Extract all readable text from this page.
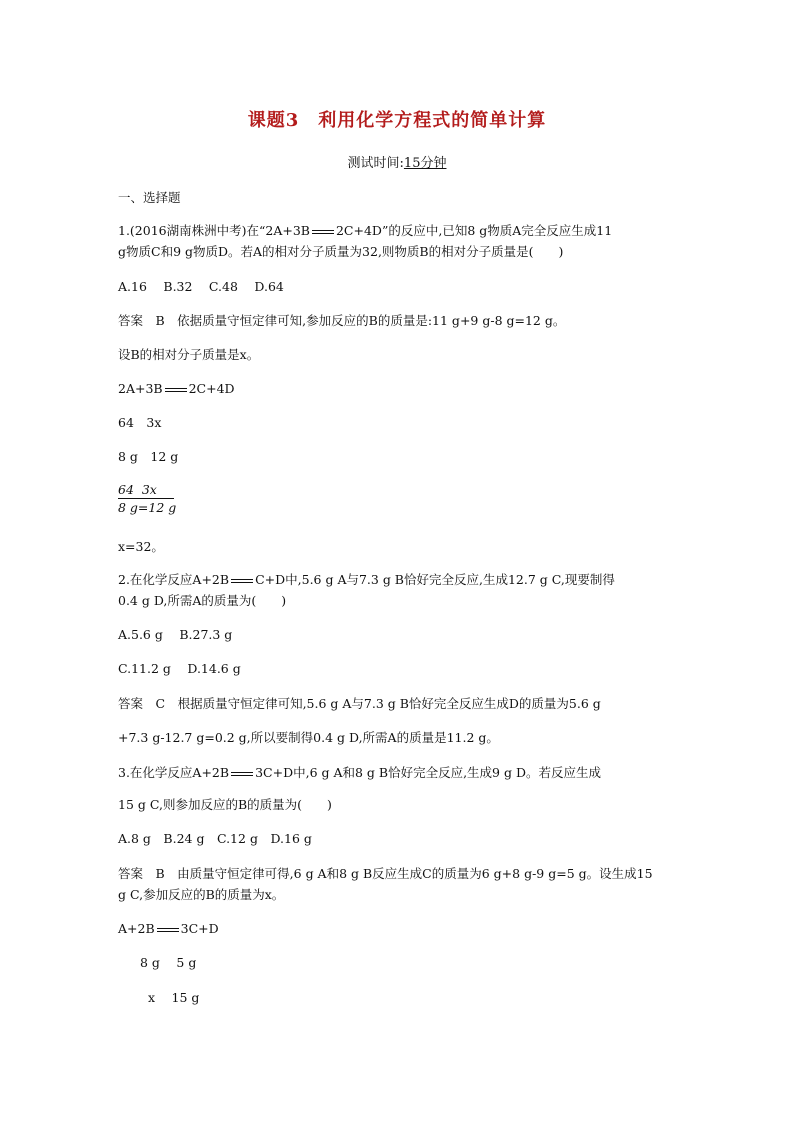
课题3　利用化学方程式的简单计算
测试时间:15分钟
一、选择题
1.(2016湖南株洲中考)在“2A+3B 2C+4D”的反应中,已知8 g物质A完全反应生成11
g物质C和9 g物质D。若A的相对分子质量为32,则物质B的相对分子质量是(　　)
A.16　 B.32　 C.48　 D.64
答案　B　依据质量守恒定律可知,参加反应的B的质量是:11 g+9 g-8 g=12 g。
设B的相对分子质量是x。
2A+3B 2C+4D
64　3x
8 g　12 g
64 3x
8 g=12 g
x=32。
2.在化学反应A+2B C+D中,5.6 g A与7.3 g B恰好完全反应,生成12.7 g C,现要制得
0.4 g D,所需A的质量为(　　)
A.5.6 g　 B.27.3 g
C.11.2 g　 D.14.6 g
答案　C　根据质量守恒定律可知,5.6 g A与7.3 g B恰好完全反应生成D的质量为5.6 g
+7.3 g-12.7 g=0.2 g,所以要制得0.4 g D,所需A的质量是11.2 g。
3.在化学反应A+2B 3C+D中,6 g A和8 g B恰好完全反应,生成9 g D。若反应生成
15 g C,则参加反应的B的质量为(　　)
A.8 g　B.24 g　C.12 g　D.16 g
答案　B　由质量守恒定律可得,6 g A和8 g B反应生成C的质量为6 g+8 g-9 g=5 g。设生成15
g C,参加反应的B的质量为x。
A+2B 3C+D
8 g　 5 g
x　 15 g
